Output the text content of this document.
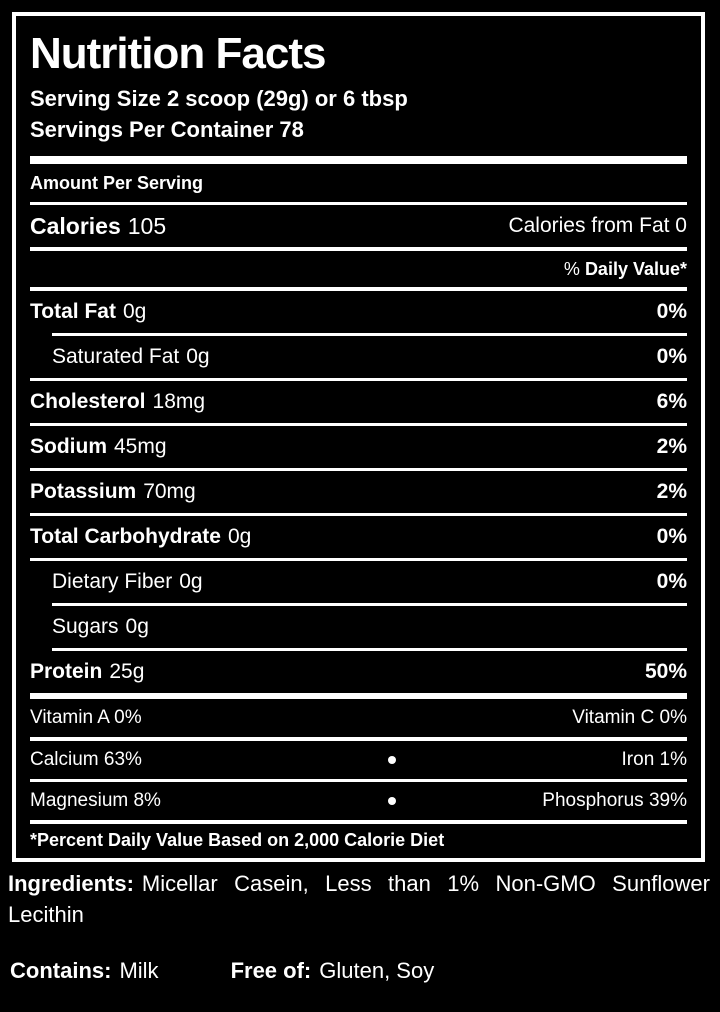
Nutrition Facts
Serving Size 2 scoop (29g) or 6 tbsp
Servings Per Container 78
Amount Per Serving
Calories 105	Calories from Fat 0
% Daily Value*
Total Fat 0g	0%
Saturated Fat 0g	0%
Cholesterol 18mg	6%
Sodium 45mg	2%
Potassium 70mg	2%
Total Carbohydrate 0g	0%
Dietary Fiber 0g	0%
Sugars 0g
Protein 25g	50%
Vitamin A 0%	Vitamin C 0%
Calcium 63%	Iron 1%
Magnesium 8%	Phosphorus 39%
*Percent Daily Value Based on 2,000 Calorie Diet

Ingredients: Micellar Casein, Less than 1% Non-GMO Sunflower Lecithin

Contains: Milk	Free of: Gluten, Soy
